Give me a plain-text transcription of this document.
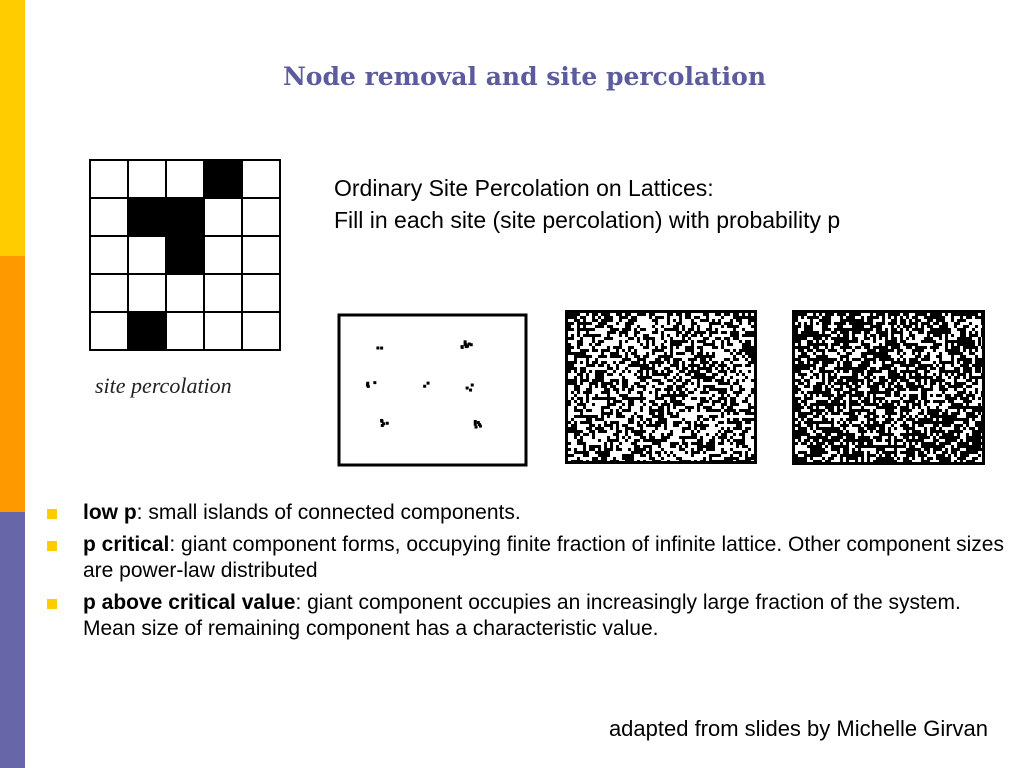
Node removal and site percolation
site percolation
Ordinary Site Percolation on Lattices:
Fill in each site (site percolation) with probability p
low p: small islands of connected components.
p critical: giant component forms, occupying finite fraction of infinite lattice. Other component sizes are power-law distributed
p above critical value: giant component occupies an increasingly large fraction of the system. Mean size of remaining component has a characteristic value.
adapted from slides by Michelle Girvan
